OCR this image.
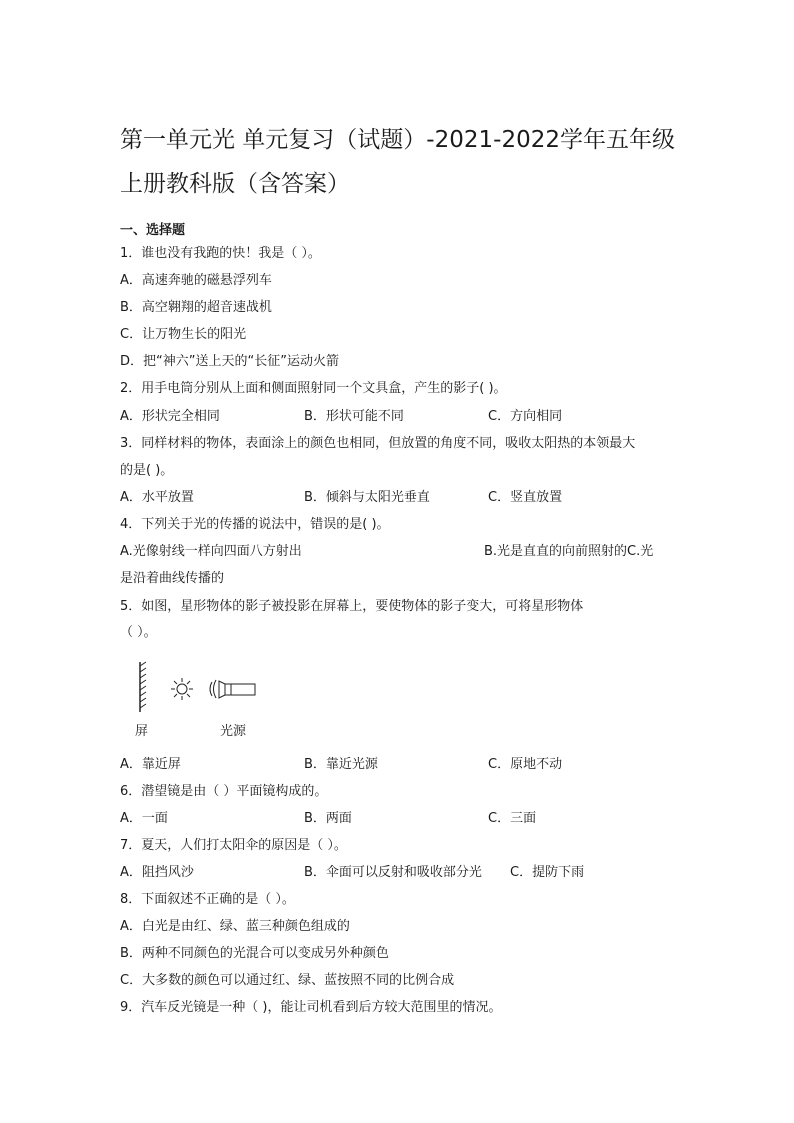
第一单元光 单元复习（试题）-2021-2022学年五年级上册教科版（含答案）
一、选择题
1．谁也没有我跑的快！我是（ ）。
A．高速奔驰的磁悬浮列车
B．高空翱翔的超音速战机
C．让万物生长的阳光
D．把“神六”送上天的“长征”运动火箭
2．用手电筒分别从上面和侧面照射同一个文具盒，产生的影子( )。
A．形状完全相同	B．形状可能不同	C．方向相同
3．同样材料的物体，表面涂上的颜色也相同，但放置的角度不同，吸收太阳热的本领最大
的是( )。
A．水平放置	B．倾斜与太阳光垂直	C．竖直放置
4．下列关于光的传播的说法中，错误的是( )。
A.光像射线一样向四面八方射出	B.光是直直的向前照射的C.光
是沿着曲线传播的
5．如图，星形物体的影子被投影在屏幕上，要使物体的影子变大，可将星形物体
（ ）。
屏	光源
A．靠近屏	B．靠近光源	C．原地不动
6．潜望镜是由（ ）平面镜构成的。
A．一面	B．两面	C．三面
7．夏天，人们打太阳伞的原因是（ ）。
A．阻挡风沙	B．伞面可以反射和吸收部分光 C．提防下雨
8．下面叙述不正确的是（ ）。
A．白光是由红、绿、蓝三种颜色组成的
B．两种不同颜色的光混合可以变成另外种颜色
C．大多数的颜色可以通过红、绿、蓝按照不同的比例合成
9．汽车反光镜是一种（ )，能让司机看到后方较大范围里的情况。
